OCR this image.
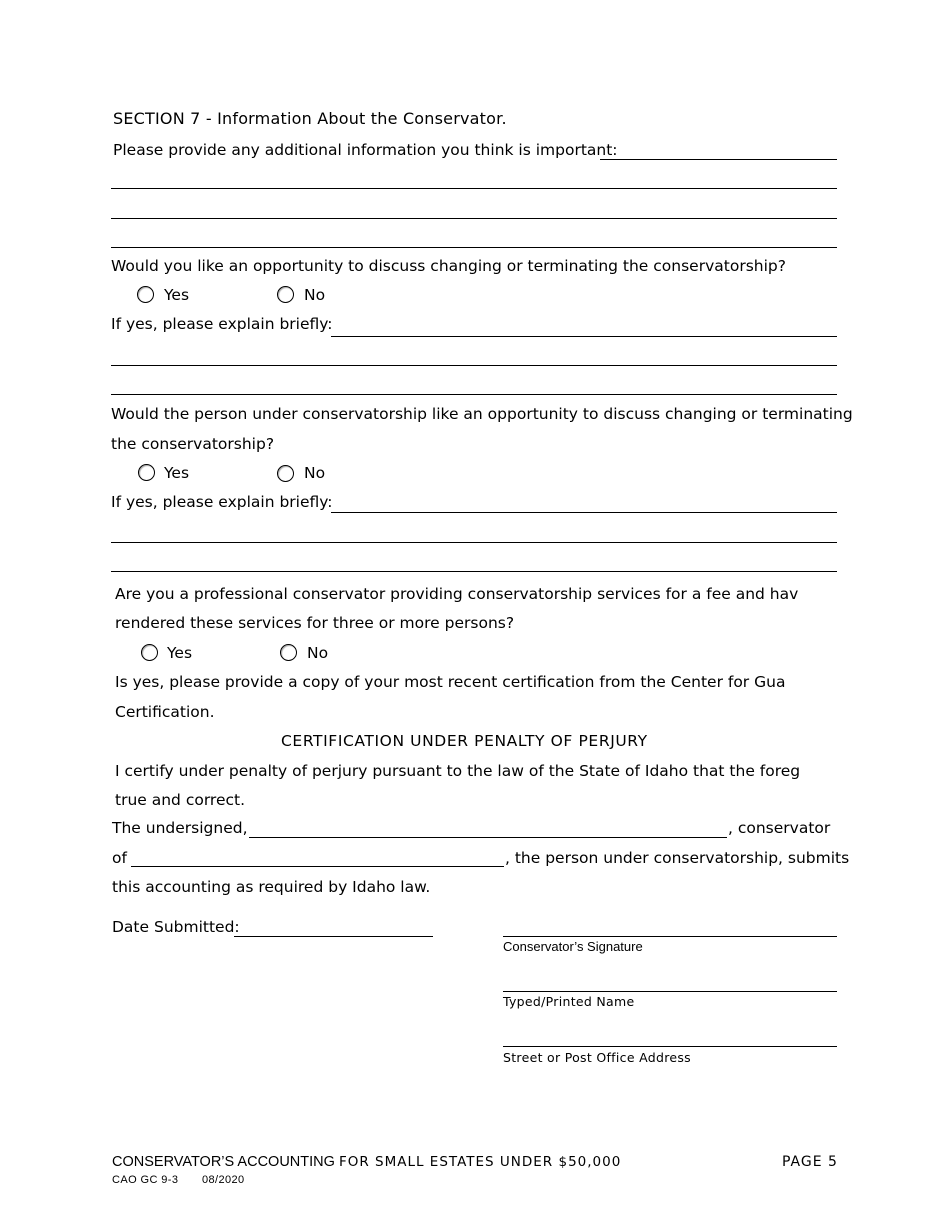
SECTION 7 - Information About the Conservator.
Please provide any additional information you think is important:
Would you like an opportunity to discuss changing or terminating the conservatorship?
Yes	No
If yes, please explain briefly:
Would the person under conservatorship like an opportunity to discuss changing or terminating
the conservatorship?
Yes	No
If yes, please explain briefly:
Are you a professional conservator providing conservatorship services for a fee and hav
rendered these services for three or more persons?
Yes	No
Is yes, please provide a copy of your most recent certification from the Center for Gua
Certification.
CERTIFICATION UNDER PENALTY OF PERJURY
I certify under penalty of perjury pursuant to the law of the State of Idaho that the foreg
true and correct.
The undersigned,	, conservator
of	, the person under conservatorship, submits
this accounting as required by Idaho law.
Date Submitted:
Conservator’s Signature
Typed/Printed Name
Street or Post Office Address
CONSERVATOR’S ACCOUNTING FOR SMALL ESTATES UNDER $50,000	PAGE 5
CAO GC 9-3 08/2020
